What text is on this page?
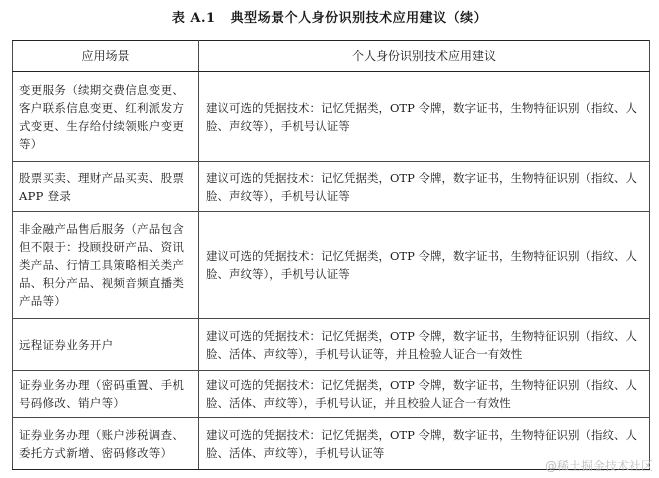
表 A.1 典型场景个人身份识别技术应用建议（续）
应用场景	个人身份识别技术应用建议
变更服务（续期交费信息变更、客户联系信息变更、红利派发方式变更、生存给付续领账户变更等）	建议可选的凭据技术：记忆凭据类，OTP 令牌，数字证书，生物特征识别（指纹、人脸、声纹等），手机号认证等
股票买卖、理财产品买卖、股票APP 登录	建议可选的凭据技术：记忆凭据类，OTP 令牌，数字证书，生物特征识别（指纹、人脸、声纹等），手机号认证等
非金融产品售后服务（产品包含但不限于：投顾投研产品、资讯类产品、行情工具策略相关类产品、积分产品、视频音频直播类产品等）	建议可选的凭据技术：记忆凭据类，OTP 令牌，数字证书，生物特征识别（指纹、人脸、声纹等），手机号认证等
远程证券业务开户	建议可选的凭据技术：记忆凭据类，OTP 令牌，数字证书，生物特征识别（指纹、人脸、活体、声纹等），手机号认证等，并且检验人证合一有效性
证券业务办理（密码重置、手机号码修改、销户等）	建议可选的凭据技术：记忆凭据类，OTP 令牌，数字证书，生物特征识别（指纹、人脸、活体、声纹等），手机号认证，并且校验人证合一有效性
证券业务办理（账户涉税调查、委托方式新增、密码修改等）	建议可选的凭据技术：记忆凭据类，OTP 令牌，数字证书，生物特征识别（指纹、人脸、活体、声纹等），手机号认证等
@稀土掘金技术社区
